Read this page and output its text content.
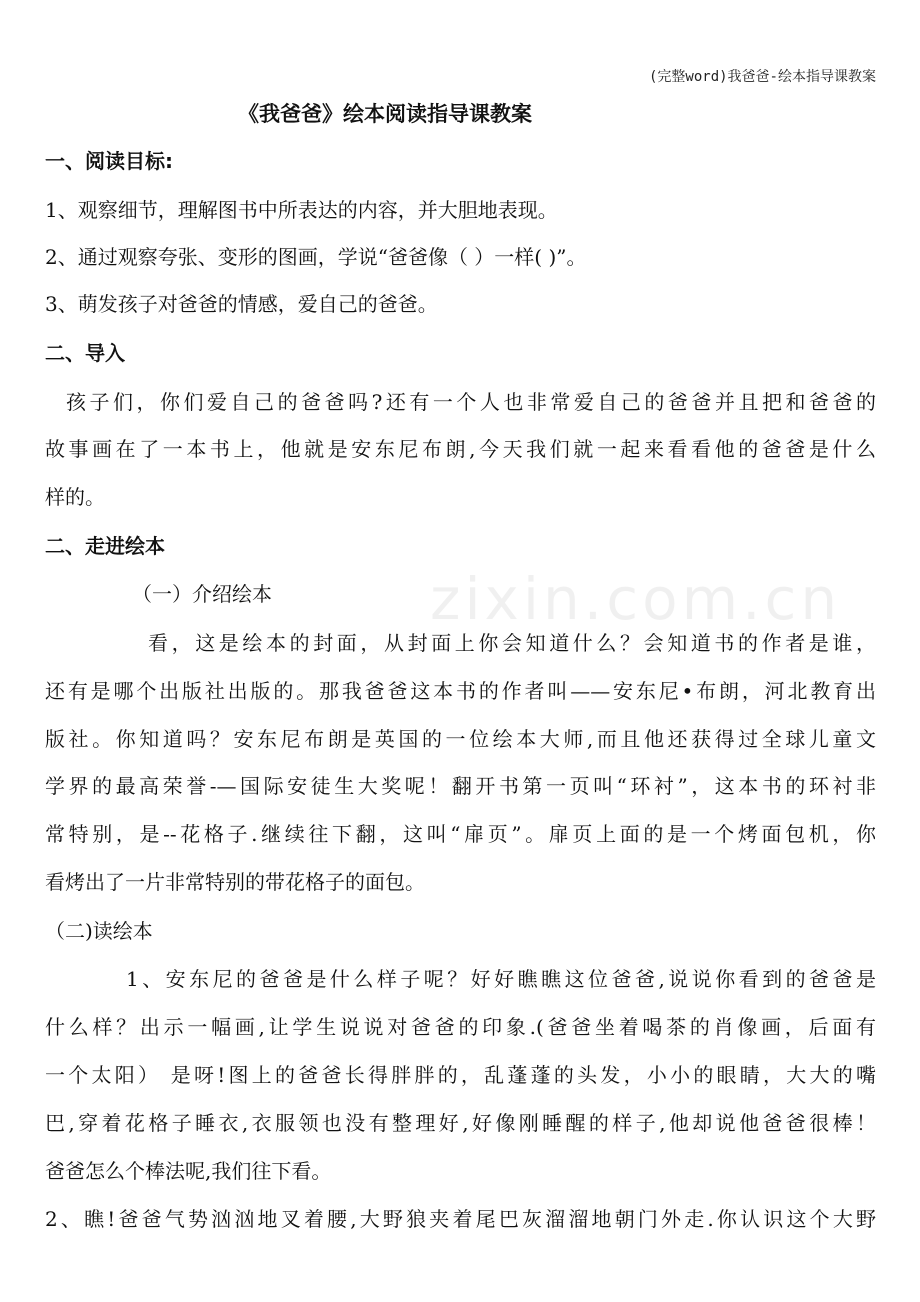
(完整word)我爸爸-绘本指导课教案
zixin.com.cn
《我爸爸》绘本阅读指导课教案
一、阅读目标:
1、观察细节，理解图书中所表达的内容，并大胆地表现。
2、通过观察夸张、变形的图画，学说“爸爸像（ ）一样( )”。
3、萌发孩子对爸爸的情感，爱自己的爸爸。
二、导入
孩子们，你们爱自己的爸爸吗?还有一个人也非常爱自己的爸爸并且把和爸爸的
故事画在了一本书上，他就是安东尼布朗,今天我们就一起来看看他的爸爸是什么
样的。
二、走进绘本
（一）介绍绘本
看，这是绘本的封面，从封面上你会知道什么？会知道书的作者是谁，
还有是哪个出版社出版的。那我爸爸这本书的作者叫——安东尼•布朗，河北教育出
版社。你知道吗？安东尼布朗是英国的一位绘本大师,而且他还获得过全球儿童文
学界的最高荣誉-—国际安徒生大奖呢！翻开书第一页叫“环衬”，这本书的环衬非
常特别，是--花格子.继续往下翻，这叫“扉页”。扉页上面的是一个烤面包机，你
看烤出了一片非常特别的带花格子的面包。
（二)读绘本
1、安东尼的爸爸是什么样子呢？好好瞧瞧这位爸爸,说说你看到的爸爸是
什么样？出示一幅画,让学生说说对爸爸的印象.(爸爸坐着喝茶的肖像画，后面有
一个太阳） 是呀!图上的爸爸长得胖胖的，乱蓬蓬的头发，小小的眼睛，大大的嘴
巴,穿着花格子睡衣,衣服领也没有整理好,好像刚睡醒的样子,他却说他爸爸很棒！
爸爸怎么个棒法呢,我们往下看。
2、瞧!爸爸气势汹汹地叉着腰,大野狼夹着尾巴灰溜溜地朝门外走.你认识这个大野
